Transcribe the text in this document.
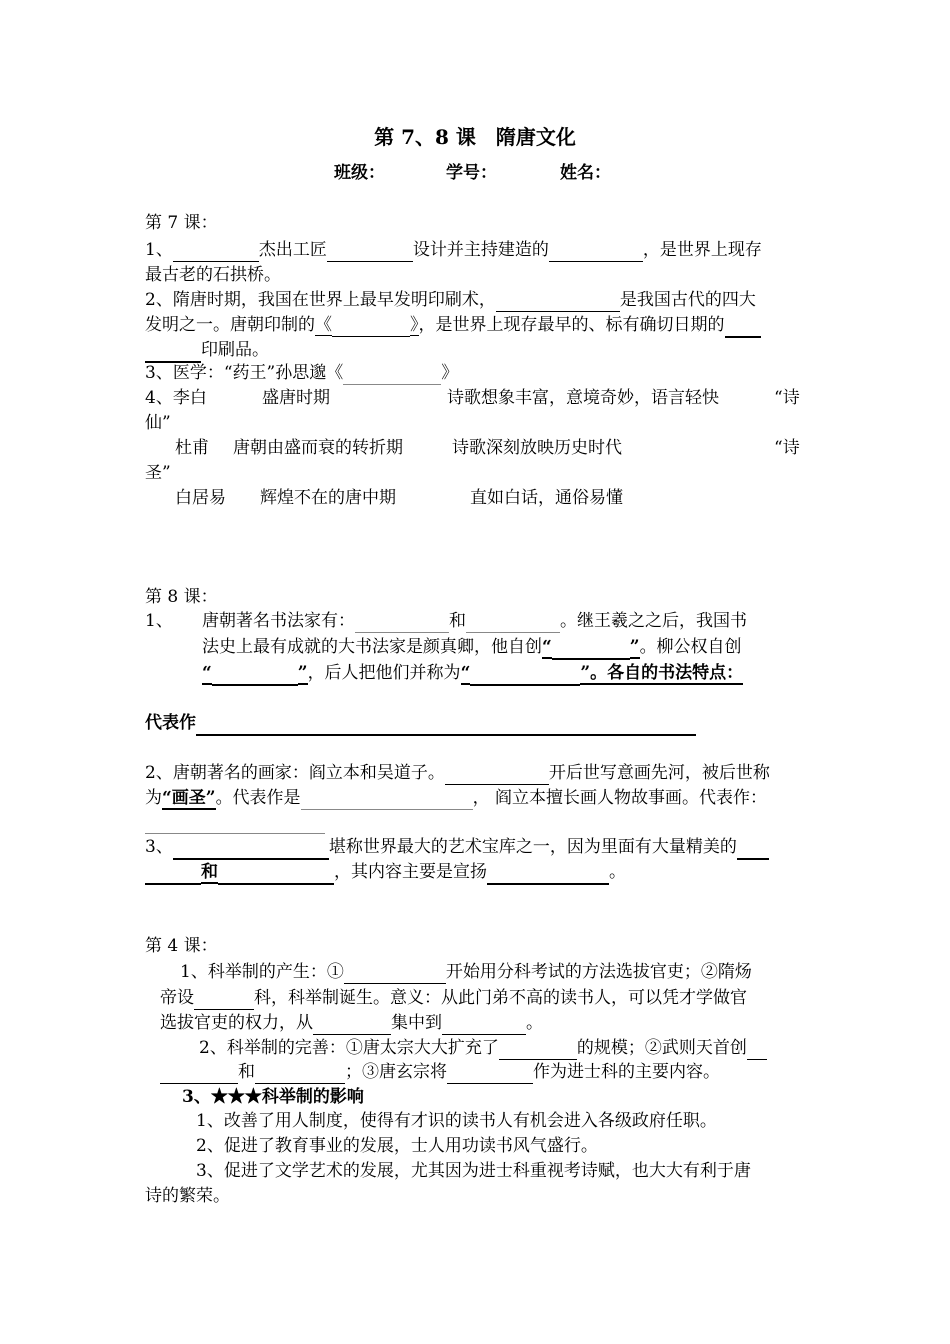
第 7、8 课　隋唐文化
班级：	学号：	姓名：
第 7 课：
1、	杰出工匠	设计并主持建造的	，是世界上现存
最古老的石拱桥。
2、隋唐时期，我国在世界上最早发明印刷术，	是我国古代的四大
发明之一。唐朝印制的《	》，是世界上现存最早的、标有确切日期的
印刷品。
3、医学：“药王”孙思邈《	》
4、李白	盛唐时期	诗歌想象丰富，意境奇妙，语言轻快	“诗
仙”
杜甫 唐朝由盛而衰的转折期	诗歌深刻放映历史时代	“诗
圣”
白居易 辉煌不在的唐中期	直如白话，通俗易懂
第 8 课：
1、 唐朝著名书法家有：	和	。继王羲之之后，我国书
法史上最有成就的大书法家是颜真卿，他自创“	”。柳公权自创
“	”，后人把他们并称为“	”。各自的书法特点：
代表作
2、唐朝著名的画家：阎立本和吴道子。	开后世写意画先河，被后世称
为“画圣”。代表作是	， 阎立本擅长画人物故事画。代表作：

3、	堪称世界最大的艺术宝库之一，因为里面有大量精美的
和	，其内容主要是宣扬	。
第 4 课：
1、科举制的产生：①	开始用分科考试的方法选拔官吏；②隋炀
帝设	科，科举制诞生。意义：从此门弟不高的读书人，可以凭才学做官
选拔官吏的权力，从	集中到	。
2、科举制的完善：①唐太宗大大扩充了	的规模；②武则天首创
和	；③唐玄宗将	作为进士科的主要内容。
3、★★★科举制的影响
1、改善了用人制度，使得有才识的读书人有机会进入各级政府任职。
2、促进了教育事业的发展，士人用功读书风气盛行。
3、促进了文学艺术的发展，尤其因为进士科重视考诗赋，也大大有利于唐
诗的繁荣。
